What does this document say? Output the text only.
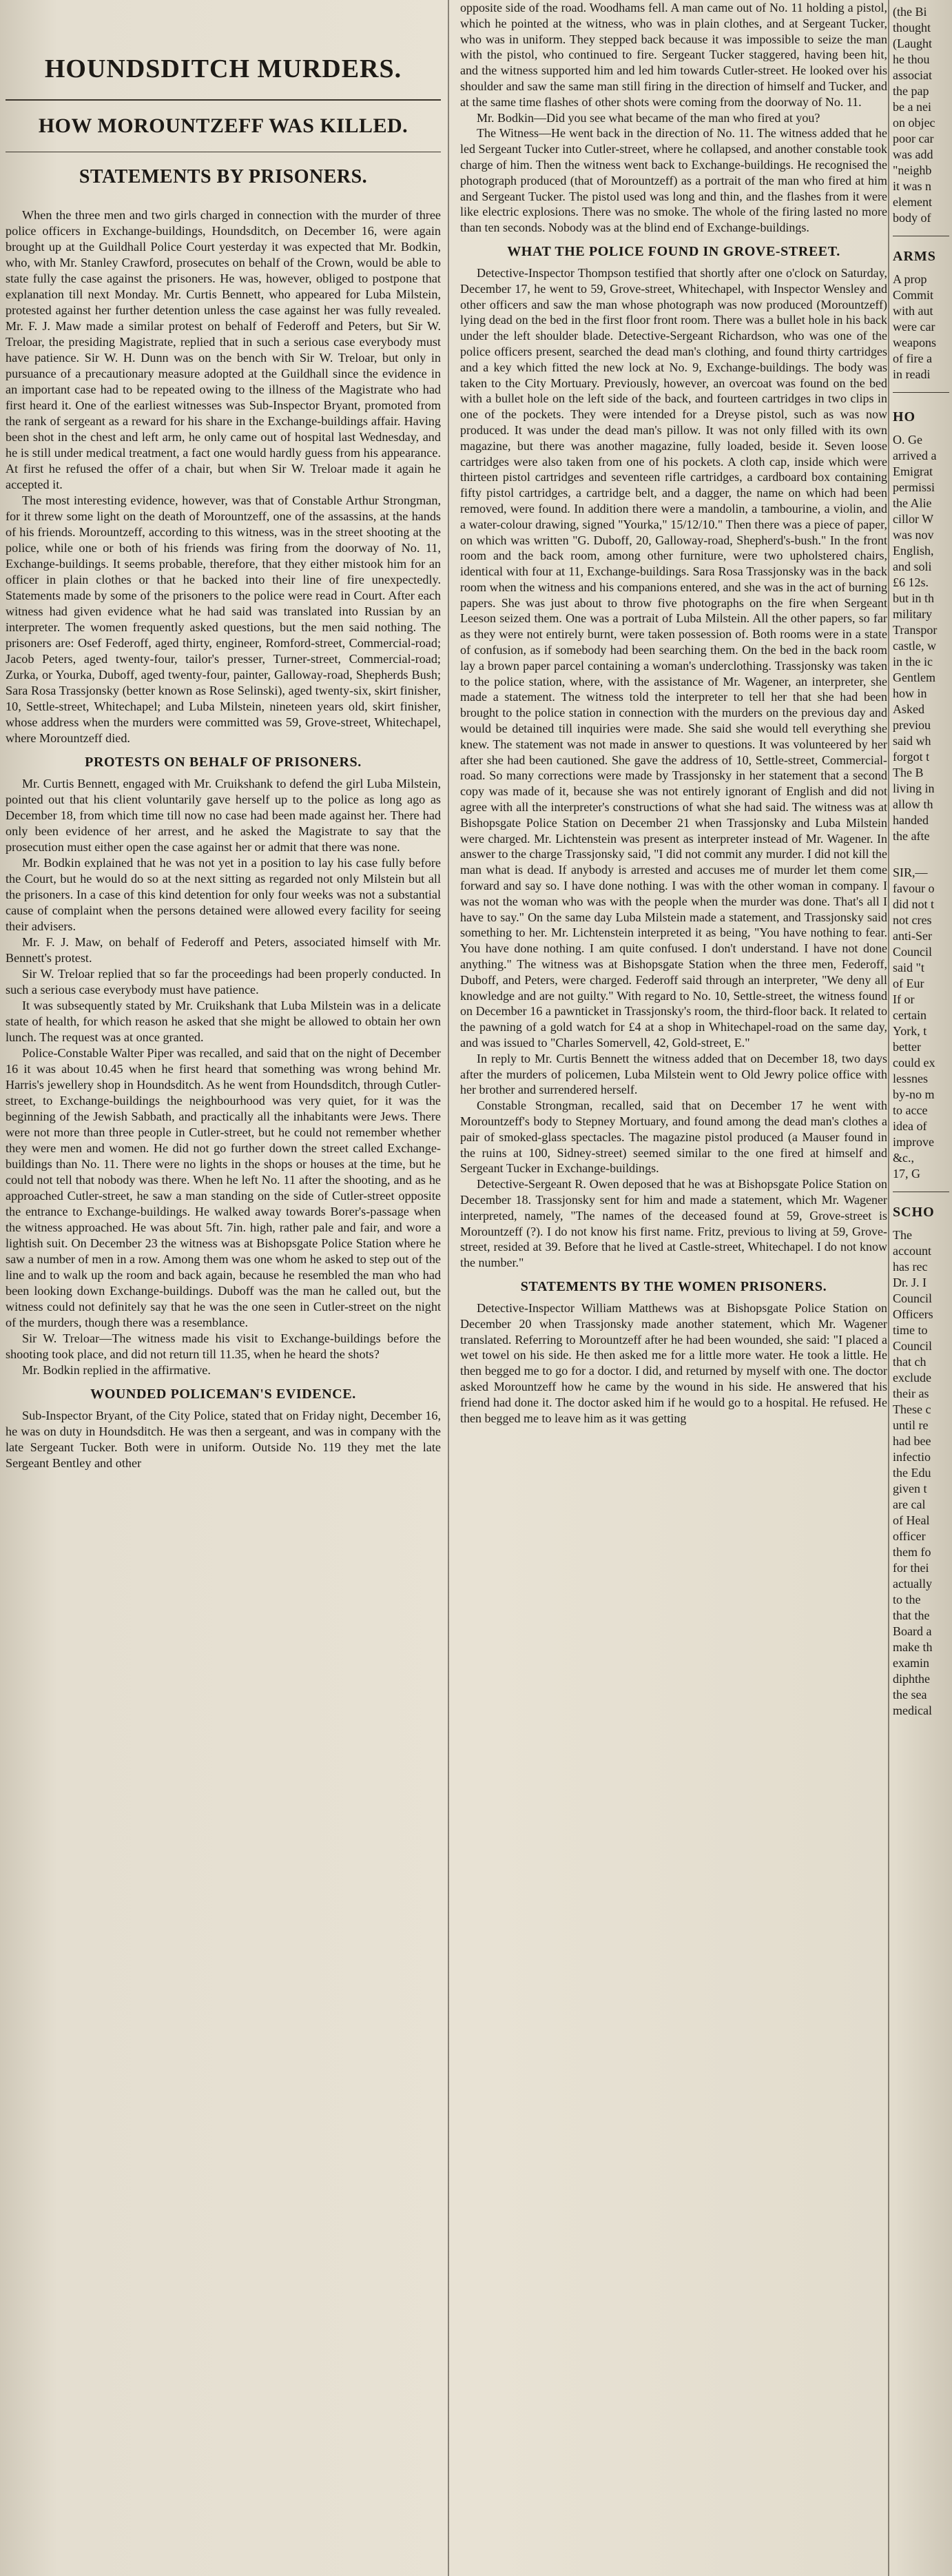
HOUNDSDITCH MURDERS.
HOW MOROUNTZEFF WAS KILLED.
STATEMENTS BY PRISONERS.

When the three men and two girls charged in connection with the murder of three police officers in Exchange-buildings, Houndsditch, on December 16, were again brought up at the Guildhall Police Court yesterday it was expected that Mr. Bodkin, who, with Mr. Stanley Crawford, prosecutes on behalf of the Crown, would be able to state fully the case against the prisoners. He was, however, obliged to postpone that explanation till next Monday. Mr. Curtis Bennett, who appeared for Luba Milstein, protested against her further detention unless the case against her was fully revealed. Mr. F. J. Maw made a similar protest on behalf of Federoff and Peters, but Sir W. Treloar, the presiding Magistrate, replied that in such a serious case everybody must have patience. Sir W. H. Dunn was on the bench with Sir W. Treloar, but only in pursuance of a precautionary measure adopted at the Guildhall since the evidence in an important case had to be repeated owing to the illness of the Magistrate who had first heard it. One of the earliest witnesses was Sub-Inspector Bryant, promoted from the rank of sergeant as a reward for his share in the Exchange-buildings affair. Having been shot in the chest and left arm, he only came out of hospital last Wednesday, and he is still under medical treatment, a fact one would hardly guess from his appearance. At first he refused the offer of a chair, but when Sir W. Treloar made it again he accepted it.

The most interesting evidence, however, was that of Constable Arthur Strongman, for it threw some light on the death of Morountzeff, one of the assassins, at the hands of his friends. Morountzeff, according to this witness, was in the street shooting at the police, while one or both of his friends was firing from the doorway of No. 11, Exchange-buildings. It seems probable, therefore, that they either mistook him for an officer in plain clothes or that he backed into their line of fire unexpectedly. Statements made by some of the prisoners to the police were read in Court. After each witness had given evidence what he had said was translated into Russian by an interpreter. The women frequently asked questions, but the men said nothing. The prisoners are: Osef Federoff, aged thirty, engineer, Romford-street, Commercial-road; Jacob Peters, aged twenty-four, tailor's presser, Turner-street, Commercial-road; Zurka, or Yourka, Duboff, aged twenty-four, painter, Galloway-road, Shepherds Bush; Sara Rosa Trassjonsky (better known as Rose Selinski), aged twenty-six, skirt finisher, 10, Settle-street, Whitechapel; and Luba Milstein, nineteen years old, skirt finisher, whose address when the murders were committed was 59, Grove-street, Whitechapel, where Morountzeff died.

PROTESTS ON BEHALF OF PRISONERS.

Mr. Curtis Bennett, engaged with Mr. Cruikshank to defend the girl Luba Milstein, pointed out that his client voluntarily gave herself up to the police as long ago as December 18, from which time till now no case had been made against her. There had only been evidence of her arrest, and he asked the Magistrate to say that the prosecution must either open the case against her or admit that there was none.

Mr. Bodkin explained that he was not yet in a position to lay his case fully before the Court, but he would do so at the next sitting as regarded not only Milstein but all the prisoners. In a case of this kind detention for only four weeks was not a substantial cause of complaint when the persons detained were allowed every facility for seeing their advisers.

Mr. F. J. Maw, on behalf of Federoff and Peters, associated himself with Mr. Bennett's protest.

Sir W. Treloar replied that so far the proceedings had been properly conducted. In such a serious case everybody must have patience.

It was subsequently stated by Mr. Cruikshank that Luba Milstein was in a delicate state of health, for which reason he asked that she might be allowed to obtain her own lunch. The request was at once granted.

Police-Constable Walter Piper was recalled, and said that on the night of December 16 it was about 10.45 when he first heard that something was wrong behind Mr. Harris's jewellery shop in Houndsditch. As he went from Houndsditch, through Cutler-street, to Exchange-buildings the neighbourhood was very quiet, for it was the beginning of the Jewish Sabbath, and practically all the inhabitants were Jews. There were not more than three people in Cutler-street, but he could not remember whether they were men and women. He did not go further down the street called Exchange-buildings than No. 11. There were no lights in the shops or houses at the time, but he could not tell that nobody was there. When he left No. 11 after the shooting, and as he approached Cutler-street, he saw a man standing on the side of Cutler-street opposite the entrance to Exchange-buildings. He walked away towards Borer's-passage when the witness approached. He was about 5ft. 7in. high, rather pale and fair, and wore a lightish suit. On December 23 the witness was at Bishopsgate Police Station where he saw a number of men in a row. Among them was one whom he asked to step out of the line and to walk up the room and back again, because he resembled the man who had been looking down Exchange-buildings. Duboff was the man he called out, but the witness could not definitely say that he was the one seen in Cutler-street on the night of the murders, though there was a resemblance.

Sir W. Treloar—The witness made his visit to Exchange-buildings before the shooting took place, and did not return till 11.35, when he heard the shots?

Mr. Bodkin replied in the affirmative.

WOUNDED POLICEMAN'S EVIDENCE.

Sub-Inspector Bryant, of the City Police, stated that on Friday night, December 16, he was on duty in Houndsditch. He was then a sergeant, and was in company with the late Sergeant Tucker. Both were in uniform. Outside No. 119 they met the late Sergeant Bentley and other

opposite side of the road. Woodhams fell. A man came out of No. 11 holding a pistol, which he pointed at the witness, who was in plain clothes, and at Sergeant Tucker, who was in uniform. They stepped back because it was impossible to seize the man with the pistol, who continued to fire. Sergeant Tucker staggered, having been hit, and the witness supported him and led him towards Cutler-street. He looked over his shoulder and saw the same man still firing in the direction of himself and Tucker, and at the same time flashes of other shots were coming from the doorway of No. 11.

Mr. Bodkin—Did you see what became of the man who fired at you?

The Witness—He went back in the direction of No. 11. The witness added that he led Sergeant Tucker into Cutler-street, where he collapsed, and another constable took charge of him. Then the witness went back to Exchange-buildings. He recognised the photograph produced (that of Morountzeff) as a portrait of the man who fired at him and Sergeant Tucker. The pistol used was long and thin, and the flashes from it were like electric explosions. There was no smoke. The whole of the firing lasted no more than ten seconds. Nobody was at the blind end of Exchange-buildings.

WHAT THE POLICE FOUND IN GROVE-STREET.

Detective-Inspector Thompson testified that shortly after one o'clock on Saturday, December 17, he went to 59, Grove-street, Whitechapel, with Inspector Wensley and other officers and saw the man whose photograph was now produced (Morountzeff) lying dead on the bed in the first floor front room. There was a bullet hole in his back under the left shoulder blade. Detective-Sergeant Richardson, who was one of the police officers present, searched the dead man's clothing, and found thirty cartridges and a key which fitted the new lock at No. 9, Exchange-buildings. The body was taken to the City Mortuary. Previously, however, an overcoat was found on the bed with a bullet hole on the left side of the back, and fourteen cartridges in two clips in one of the pockets. They were intended for a Dreyse pistol, such as was now produced. It was under the dead man's pillow. It was not only filled with its own magazine, but there was another magazine, fully loaded, beside it. Seven loose cartridges were also taken from one of his pockets. A cloth cap, inside which were thirteen pistol cartridges and seventeen rifle cartridges, a cardboard box containing fifty pistol cartridges, a cartridge belt, and a dagger, the name on which had been removed, were found. In addition there were a mandolin, a tambourine, a violin, and a water-colour drawing, signed "Yourka," 15/12/10." Then there was a piece of paper, on which was written "G. Duboff, 20, Galloway-road, Shepherd's-bush." In the front room and the back room, among other furniture, were two upholstered chairs, identical with four at 11, Exchange-buildings. Sara Rosa Trassjonsky was in the back room when the witness and his companions entered, and she was in the act of burning papers. She was just about to throw five photographs on the fire when Sergeant Leeson seized them. One was a portrait of Luba Milstein. All the other papers, so far as they were not entirely burnt, were taken possession of. Both rooms were in a state of confusion, as if somebody had been searching them. On the bed in the back room lay a brown paper parcel containing a woman's underclothing. Trassjonsky was taken to the police station, where, with the assistance of Mr. Wagener, an interpreter, she made a statement. The witness told the interpreter to tell her that she had been brought to the police station in connection with the murders on the previous day and would be detained till inquiries were made. She said she would tell everything she knew. The statement was not made in answer to questions. It was volunteered by her after she had been cautioned. She gave the address of 10, Settle-street, Commercial-road. So many corrections were made by Trassjonsky in her statement that a second copy was made of it, because she was not entirely ignorant of English and did not agree with all the interpreter's constructions of what she had said. The witness was at Bishopsgate Police Station on December 21 when Trassjonsky and Luba Milstein were charged. Mr. Lichtenstein was present as interpreter instead of Mr. Wagener. In answer to the charge Trassjonsky said, "I did not commit any murder. I did not kill the man what is dead. If anybody is arrested and accuses me of murder let them come forward and say so. I have done nothing. I was with the other woman in company. I was not the woman who was with the people when the murder was done. That's all I have to say." On the same day Luba Milstein made a statement, and Trassjonsky said something to her. Mr. Lichtenstein interpreted it as being, "You have nothing to fear. You have done nothing. I am quite confused. I don't understand. I have not done anything." The witness was at Bishopsgate Station when the three men, Federoff, Duboff, and Peters, were charged. Federoff said through an interpreter, "We deny all knowledge and are not guilty." With regard to No. 10, Settle-street, the witness found on December 16 a pawnticket in Trassjonsky's room, the third-floor back. It related to the pawning of a gold watch for £4 at a shop in Whitechapel-road on the same day, and was issued to "Charles Somervell, 42, Gold-street, E."

In reply to Mr. Curtis Bennett the witness added that on December 18, two days after the murders of policemen, Luba Milstein went to Old Jewry police office with her brother and surrendered herself.

Constable Strongman, recalled, said that on December 17 he went with Morountzeff's body to Stepney Mortuary, and found among the dead man's clothes a pair of smoked-glass spectacles. The magazine pistol produced (a Mauser found in the ruins at 100, Sidney-street) seemed similar to the one fired at himself and Sergeant Tucker in Exchange-buildings.

Detective-Sergeant R. Owen deposed that he was at Bishopsgate Police Station on December 18. Trassjonsky sent for him and made a statement, which Mr. Wagener interpreted, namely, "The names of the deceased found at 59, Grove-street is Morountzeff (?). I do not know his first name. Fritz, previous to living at 59, Grove-street, resided at 39. Before that he lived at Castle-street, Whitechapel. I do not know the number."

STATEMENTS BY THE WOMEN PRISONERS.

Detective-Inspector William Matthews was at Bishopsgate Police Station on December 20 when Trassjonsky made another statement, which Mr. Wagener translated. Referring to Morountzeff after he had been wounded, she said: "I placed a wet towel on his side. He then asked me for a little more water. He took a little. He then begged me to go for a doctor. I did, and returned by myself with one. The doctor asked Morountzeff how he came by the wound in his side. He answered that his friend had done it. The doctor asked him if he would go to a hospital. He refused. He then begged me to leave him as it was getting

(the Bi
thought
(Laught
he thou
associat
the pap
be a nei
on objec
poor car
was add
"neighb
it was n
element
body of
ARMS
A prop
Commit
with aut
were car
weapons
of fire a
in readi
HO
O. Ge
arrived a
Emigrat
permissi
the Alie
cillor W
was nov
English,
and soli
£6 12s.
but in th
military
Transpor
castle, w
in the ic
Gentlem
how in
Asked
previou
said wh
forgot t
The B
living in
allow th
handed
the afte
SIR,—
favour o
did not t
not cres
anti-Ser
Council
said "t
of Eur
If or
certain
York, t
better
could ex
lessnes
by-no m
to acce
idea of
improve
&c.,
17, G
SCHO
The
account
has rec
Dr. J. I
Council
Officers
time to
Council
that ch
exclude
their as
These c
until re
had bee
infectio
the Edu
given t
are cal
of Heal
officer
them fo
for thei
actually
to the
that the
Board a
make th
examin
diphthe
the sea
medical
